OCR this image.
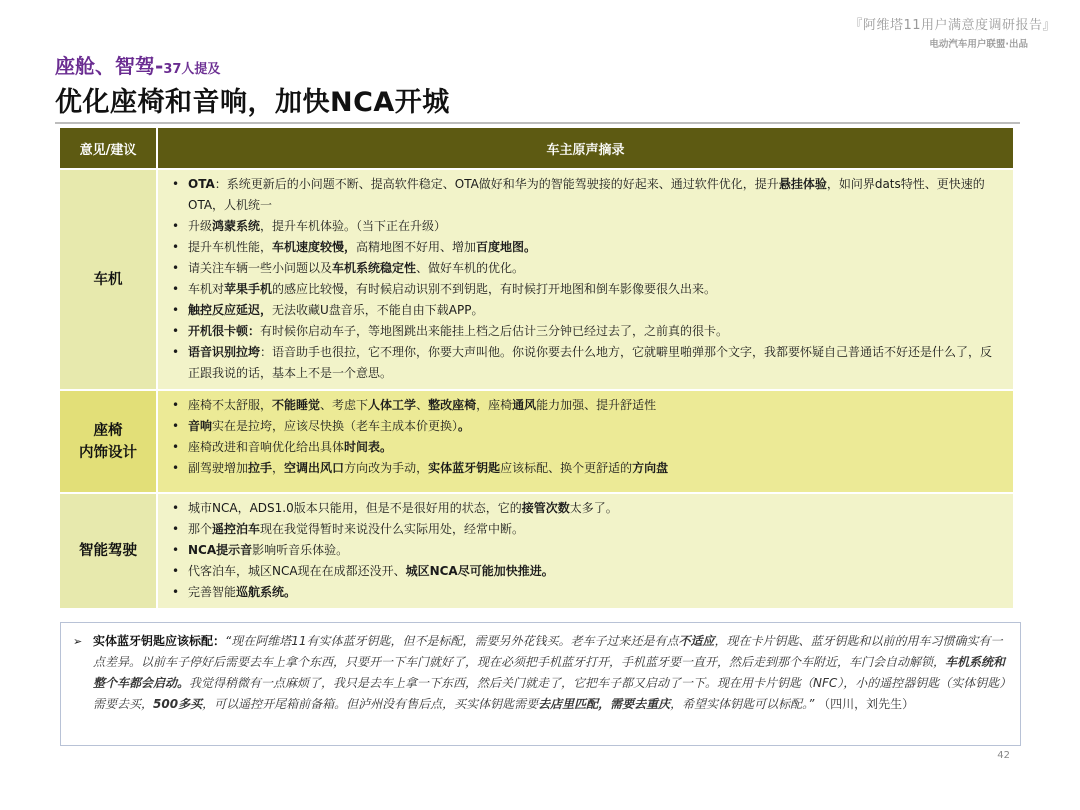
『阿维塔11用户满意度调研报告』
电动汽车用户联盟·出品
座舱、智驾-37人提及
优化座椅和音响，加快NCA开城
意见/建议	车主原声摘录
车机
• OTA：系统更新后的小问题不断、提高软件稳定、OTA做好和华为的智能驾驶接的好起来、通过软件优化，提升悬挂体验，如问界dats特性、更快速的OTA，人机统一
• 升级鸿蒙系统，提升车机体验。（当下正在升级）
• 提升车机性能，车机速度较慢，高精地图不好用、增加百度地图。
• 请关注车辆一些小问题以及车机系统稳定性、做好车机的优化。
• 车机对苹果手机的感应比较慢，有时候启动识别不到钥匙，有时候打开地图和倒车影像要很久出来。
• 触控反应延迟，无法收藏U盘音乐，不能自由下载APP。
• 开机很卡顿：有时候你启动车子，等地图跳出来能挂上档之后估计三分钟已经过去了，之前真的很卡。
• 语音识别拉垮：语音助手也很拉，它不理你，你要大声叫他。你说你要去什么地方，它就噼里啪弹那个文字，我都要怀疑自己普通话不好还是什么了，反正跟我说的话，基本上不是一个意思。
座椅
内饰设计
• 座椅不太舒服，不能睡觉、考虑下人体工学、整改座椅，座椅通风能力加强、提升舒适性
• 音响实在是拉垮，应该尽快换（老车主成本价更换）。
• 座椅改进和音响优化给出具体时间表。
• 副驾驶增加拉手，空调出风口方向改为手动，实体蓝牙钥匙应该标配、换个更舒适的方向盘
智能驾驶
• 城市NCA，ADS1.0版本只能用，但是不是很好用的状态，它的接管次数太多了。
• 那个遥控泊车现在我觉得暂时来说没什么实际用处，经常中断。
• NCA提示音影响听音乐体验。
• 代客泊车，城区NCA现在在成都还没开、城区NCA尽可能加快推进。
• 完善智能巡航系统。
➢ 实体蓝牙钥匙应该标配：“现在阿维塔11有实体蓝牙钥匙，但不是标配，需要另外花钱买。老车子过来还是有点不适应，现在卡片钥匙、蓝牙钥匙和以前的用车习惯确实有一点差异。以前车子停好后需要去车上拿个东西，只要开一下车门就好了，现在必须把手机蓝牙打开，手机蓝牙要一直开，然后走到那个车附近，车门会自动解锁，车机系统和整个车都会启动。我觉得稍微有一点麻烦了，我只是去车上拿一下东西，然后关门就走了，它把车子都又启动了一下。现在用卡片钥匙（NFC），小的遥控器钥匙（实体钥匙）需要去买，500多买，可以遥控开尾箱前备箱。但泸州没有售后点，买实体钥匙需要去店里匹配，需要去重庆，希望实体钥匙可以标配。” （四川，刘先生）
42
